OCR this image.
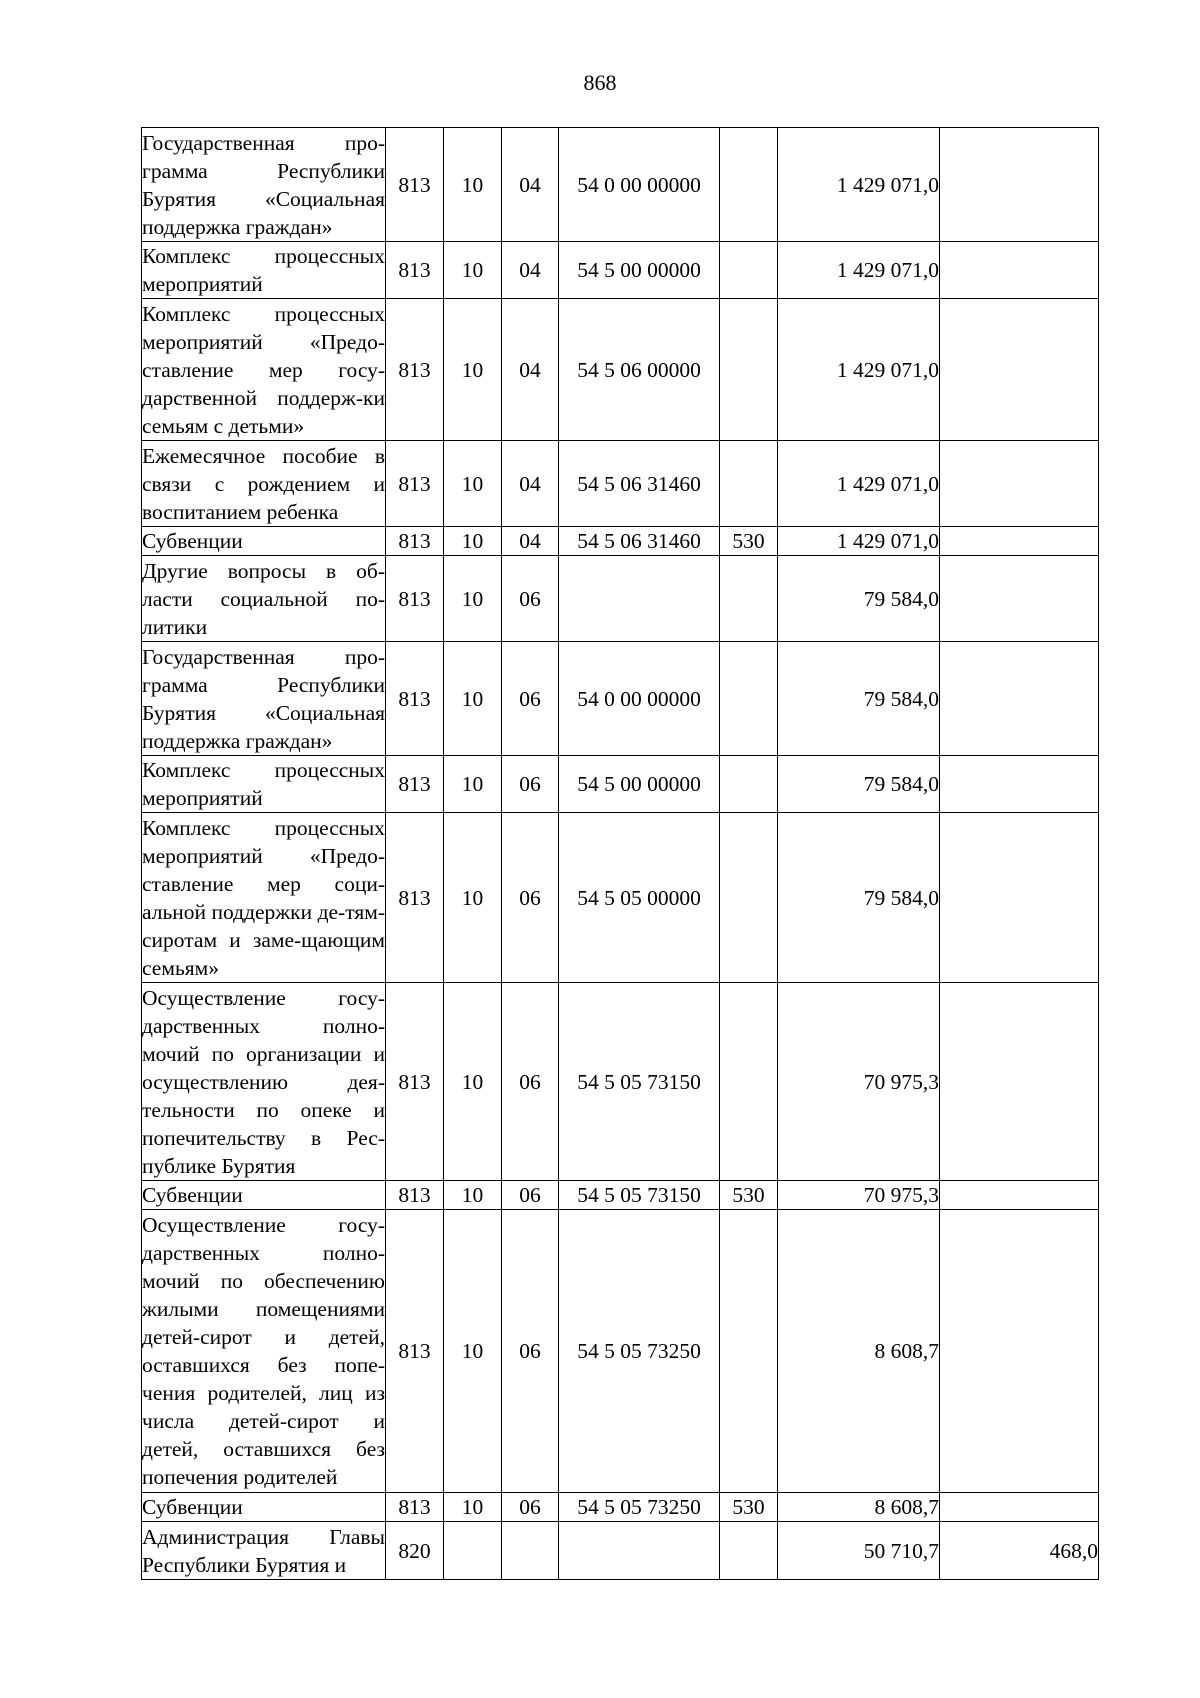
868
Государственная про-грамма Республики Бурятия «Социальная поддержка граждан»	813	10	04	54 0 00 00000		1 429 071,0	
Комплекс процессных мероприятий	813	10	04	54 5 00 00000		1 429 071,0	
Комплекс процессных мероприятий «Предо-ставление мер госу-дарственной поддерж-ки семьям с детьми»	813	10	04	54 5 06 00000		1 429 071,0	
Ежемесячное пособие в связи с рождением и воспитанием ребенка	813	10	04	54 5 06 31460		1 429 071,0	
Субвенции	813	10	04	54 5 06 31460	530	1 429 071,0	
Другие вопросы в об-ласти социальной по-литики	813	10	06			79 584,0	
Государственная про-грамма Республики Бурятия «Социальная поддержка граждан»	813	10	06	54 0 00 00000		79 584,0	
Комплекс процессных мероприятий	813	10	06	54 5 00 00000		79 584,0	
Комплекс процессных мероприятий «Предо-ставление мер соци-альной поддержки де-тям-сиротам и заме-щающим семьям»	813	10	06	54 5 05 00000		79 584,0	
Осуществление госу-дарственных полно-мочий по организации и осуществлению дея-тельности по опеке и попечительству в Рес-публике Бурятия	813	10	06	54 5 05 73150		70 975,3	
Субвенции	813	10	06	54 5 05 73150	530	70 975,3	
Осуществление госу-дарственных полно-мочий по обеспечению жилыми помещениями детей-сирот и детей, оставшихся без попе-чения родителей, лиц из числа детей-сирот и детей, оставшихся без попечения родителей	813	10	06	54 5 05 73250		8 608,7	
Субвенции	813	10	06	54 5 05 73250	530	8 608,7	
Администрация Главы Республики Бурятия и	820					50 710,7	468,0
